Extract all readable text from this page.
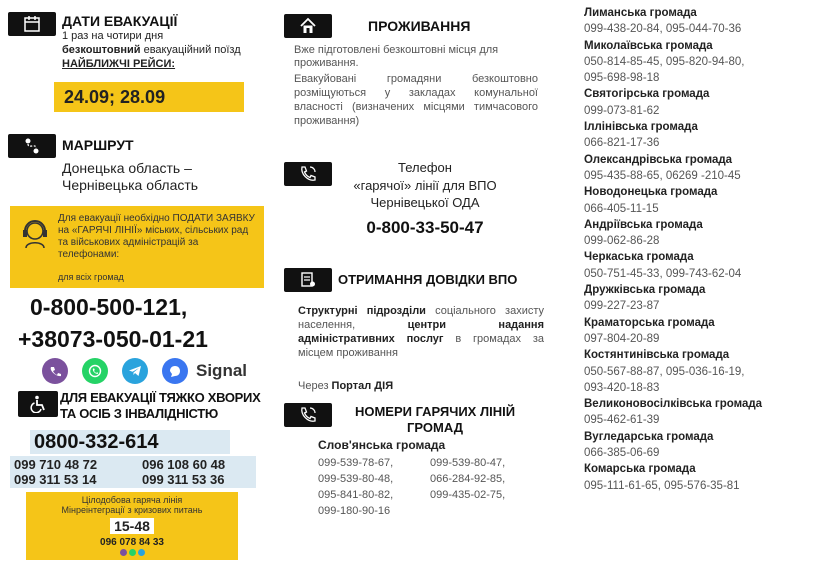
ДАТИ ЕВАКУАЦІЇ
1 раз на чотири дня
безкоштовний евакуаційний поїзд
НАЙБЛИЖЧІ РЕЙСИ:
24.09; 28.09
МАРШРУТ
Донецька область –
Чернівецька область
Для евакуації необхідно ПОДАТИ ЗАЯВКУ на «ГАРЯЧІ ЛІНІЇ» міських, сільських рад та військових адміністрацій за телефонами:
для всіх громад
0-800-500-121,
+38073-050-01-21
Signal
ДЛЯ ЕВАКУАЦІЇ ТЯЖКО ХВОРИХ
ТА ОСІБ З ІНВАЛІДНІСТЮ
0800-332-614
099 710 48 72	096 108 60 48
099 311 53 14	099 311 53 36
Цілодобова гаряча лінія
Мінреінтеграції з кризових питань
15-48
096 078 84 33
ПРОЖИВАННЯ
Вже підготовлені безкоштовні місця для проживання.
Евакуйовані громадяни безкоштовно розміщуються у закладах комунальної власності (визначених місцями тимчасового проживання)
Телефон
«гарячої» лінії для ВПО
Чернівецької ОДА
0-800-33-50-47
ОТРИМАННЯ ДОВІДКИ ВПО
Структурні підрозділи соціального захисту населення, центри надання адміністративних послуг в громадах за місцем проживання
Через Портал ДІЯ
НОМЕРИ ГАРЯЧИХ ЛІНІЙ
ГРОМАД
Слов'янська громада
099-539-78-67,	099-539-80-47,
099-539-80-48,	066-284-92-85,
095-841-80-82,	099-435-02-75,
099-180-90-16
Лиманська громада
099-438-20-84, 095-044-70-36
Миколаївська громада
050-814-85-45, 095-820-94-80,
095-698-98-18
Святогірська громада
099-073-81-62
Іллінівська громада
066-821-17-36
Олександрівська громада
095-435-88-65, 06269 -210-45
Новодонецька громада
066-405-11-15
Андріївська громада
099-062-86-28
Черкаська громада
050-751-45-33, 099-743-62-04
Дружківська громада
099-227-23-87
Краматорська громада
097-804-20-89
Костянтинівська громада
050-567-88-87, 095-036-16-19,
093-420-18-83
Великоновосілківська громада
095-462-61-39
Вугледарська громада
066-385-06-69
Комарська громада
095-111-61-65, 095-576-35-81
